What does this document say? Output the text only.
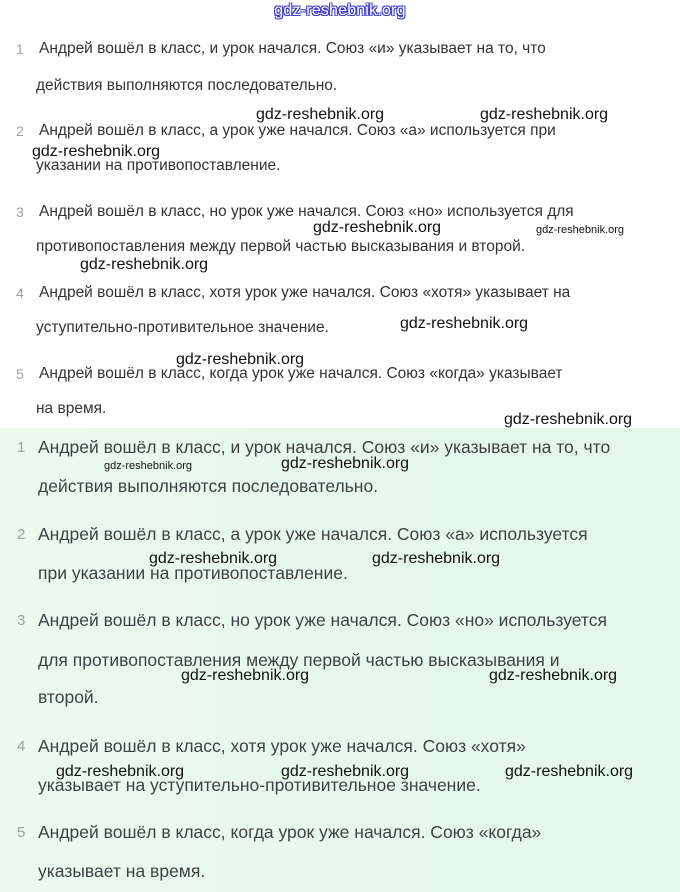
1 Андрей вошёл в класс, и урок начался. Союз «и» указывает на то, что
действия выполняются последовательно.
2 Андрей вошёл в класс, а урок уже начался. Союз «а» используется при
указании на противопоставление.
3 Андрей вошёл в класс, но урок уже начался. Союз «но» используется для
противопоставления между первой частью высказывания и второй.
4 Андрей вошёл в класс, хотя урок уже начался. Союз «хотя» указывает на
уступительно-противительное значение.
5 Андрей вошёл в класс, когда урок уже начался. Союз «когда» указывает
на время.
1 Андрей вошёл в класс, и урок начался. Союз «и» указывает на то, что
действия выполняются последовательно.
2 Андрей вошёл в класс, а урок уже начался. Союз «а» используется
при указании на противопоставление.
3 Андрей вошёл в класс, но урок уже начался. Союз «но» используется
для противопоставления между первой частью высказывания и
второй.
4 Андрей вошёл в класс, хотя урок уже начался. Союз «хотя»
указывает на уступительно-противительное значение.
5 Андрей вошёл в класс, когда урок уже начался. Союз «когда»
указывает на время.
gdz-reshebnik.org
gdz-reshebnik.org	gdz-reshebnik.org
gdz-reshebnik.org
gdz-reshebnik.org	gdz-reshebnik.org
gdz-reshebnik.org
gdz-reshebnik.org
gdz-reshebnik.org
gdz-reshebnik.org
gdz-reshebnik.org	gdz-reshebnik.org
gdz-reshebnik.org	gdz-reshebnik.org
gdz-reshebnik.org	gdz-reshebnik.org
gdz-reshebnik.org	gdz-reshebnik.org	gdz-reshebnik.org
